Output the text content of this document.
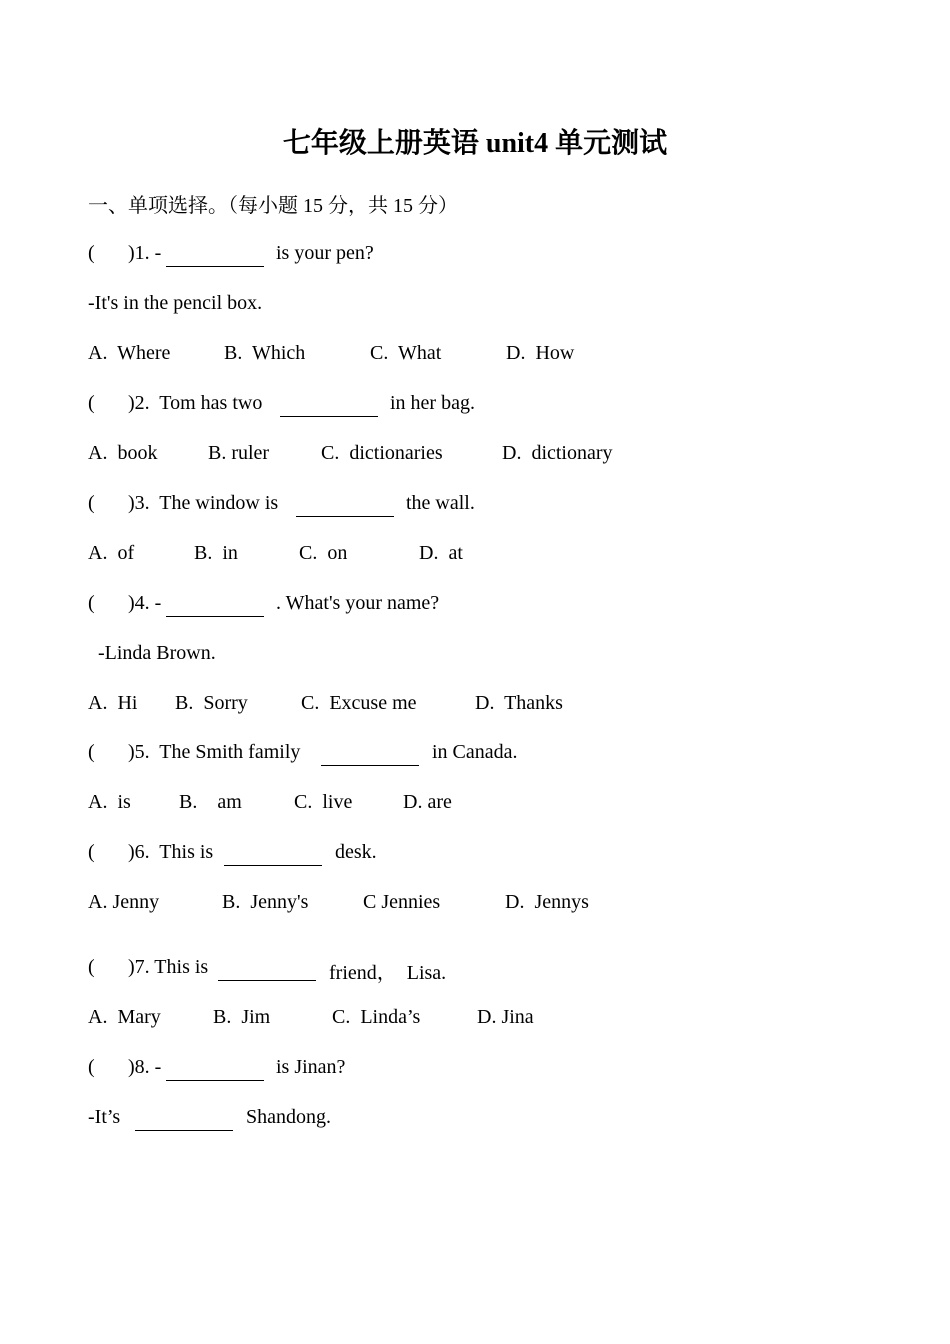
七年级上册英语 unit4 单元测试
一、单项选择。（每小题 15 分，共 15 分）
( )1. -	is your pen?
-It's in the pencil box.
A.  Where	B.  Which	C.  What	D.  How
( )2.  Tom has two	in her bag.
A.  book	B. ruler	C.  dictionaries	D.  dictionary
( )3.  The window is	the wall.
A.  of	B.  in	C.  on	D.  at
( )4. -	. What's your name?
-Linda Brown.
A.  Hi B.  Sorry	C.  Excuse me	D.  Thanks
( )5.  The Smith family	in Canada.
A.  is B.    am	C.  live	D. are
( )6.  This is	desk.
A. Jenny	B.  Jenny's	C Jennies	D.  Jennys
( )7. This is	friend，  Lisa.
A.  Mary	B.  Jim	C.  Linda’s	D. Jina
( )8. -	is Jinan?
-It’s	Shandong.
